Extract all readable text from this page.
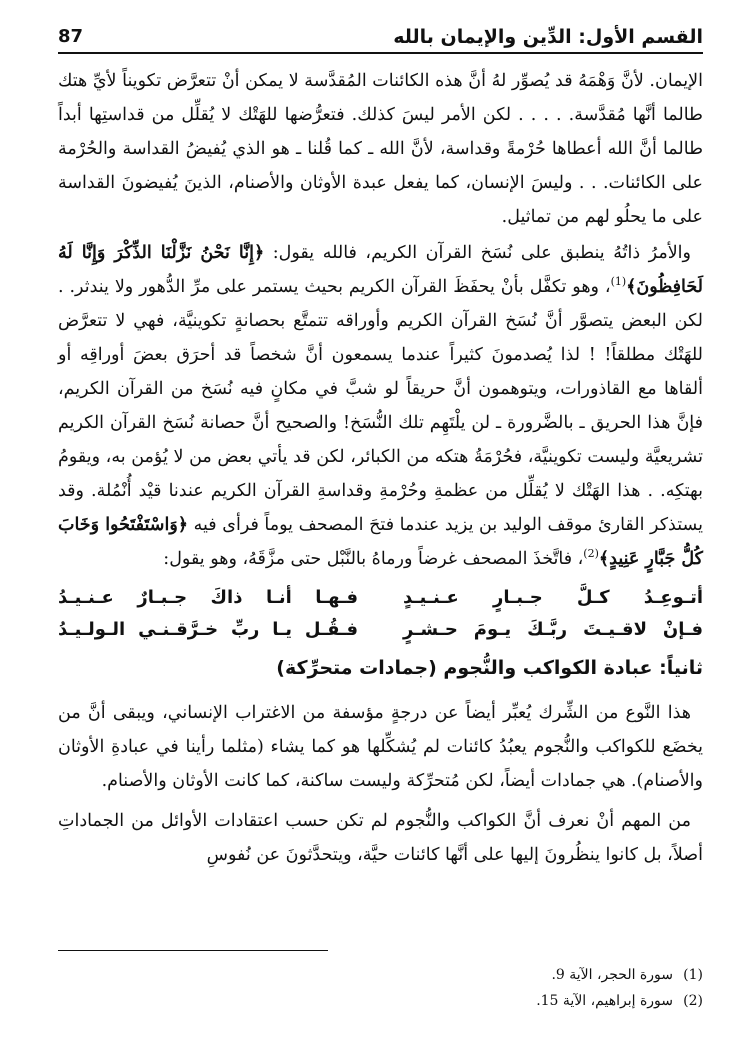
القسم الأول: الدِّين والإيمان بالله
87

الإيمان. لأنَّ وَهْمَهُ قد يُصوِّر لهُ أنَّ هذه الكائنات المُقدَّسة لا يمكن أنْ تتعرَّض تكويناً لأيِّ هتك طالما أنَّها مُقدَّسة. . . . . لكن الأمر ليسَ كذلك. فتعرُّضها للهَتْك لا يُقلِّل من قداستِها أبداً طالما أنَّ الله أعطاها حُرْمةً وقداسة، لأنَّ الله ـ كما قُلنا ـ هو الذي يُفيضُ القداسة والحُرْمة على الكائنات. . . وليسَ الإنسان، كما يفعل عبدة الأوثان والأصنام، الذينَ يُفيضونَ القداسة على ما يحلُو لهم من تماثيل.

والأمرُ ذاتُهُ ينطبق على نُسَخ القرآن الكريم، فالله يقول: ﴿إِنَّا نَحْنُ نَزَّلْنَا الذِّكْرَ وَإِنَّا لَهُ لَحَافِظُونَ﴾$^{(1)}$، وهو تكفَّل بأنْ يحفَظَ القرآن الكريم بحيث يستمر على مرِّ الدُّهور ولا يندثر. . لكن البعض يتصوَّر أنَّ نُسَخ القرآن الكريم وأوراقه تتمتَّع بحصانةٍ تكوينيَّة، فهي لا تتعرَّض للهَتْك مطلقاً! ! لذا يُصدمونَ كثيراً عندما يسمعون أنَّ شخصاً قد أحرَق بعضَ أوراقِه أو ألقاها مع القاذورات، ويتوهمون أنَّ حريقاً لو شبَّ في مكانٍ فيه نُسَخ من القرآن الكريم، فإنَّ هذا الحريق ـ بالضَّرورة ـ لن يلْتَهِم تلك النُّسَخ! والصحيح أنَّ حصانة نُسَخ القرآن الكريم تشريعيَّة وليست تكوينيَّة، فحُرْمَةُ هتكه من الكبائر، لكن قد يأتي بعض من لا يُؤمن به، ويقومُ بهتكِه. . هذا الهَتْك لا يُقلِّل من عظمةِ وحُرْمةِ وقداسةِ القرآن الكريم عندنا قيْد أُنْمُلة. وقد يستذكر القارئ موقف الوليد بن يزيد عندما فتحَ المصحف يوماً فرأى فيه ﴿وَاسْتَفْتَحُوا وَخَابَ كُلُّ جَبَّارٍ عَنِيدٍ﴾$^{(2)}$، فاتَّخذَ المصحف غرضاً ورماهُ بالنَّبْل حتى مزَّقَهُ، وهو يقول:

أتـوعِـدُ كـلَّ جـبـارٍ عـنـيـدٍ
فـهـا أنـا ذاكَ جـبـارٌ عـنـيـدُ
فـإنْ لاقـيـتَ ربَّـكَ يـومَ حـشـرٍ
فـقُـل يـا ربِّ خـرَّقـنـي الـولـيـدُ
ثانياً: عبادة الكواكب والنُّجوم (جمادات متحرِّكة)

هذا النَّوع من الشِّرك يُعبِّر أيضاً عن درجةٍ مؤسفة من الاغتراب الإنساني، ويبقى أنَّ من يخضَع للكواكب والنُّجوم يعبُدُ كائنات لم يُشكِّلها هو كما يشاء (مثلما رأينا في عبادةِ الأوثان والأصنام). هي جمادات أيضاً، لكن مُتحرِّكة وليست ساكنة، كما كانت الأوثان والأصنام.

من المهم أنْ نعرف أنَّ الكواكب والنُّجوم لم تكن حسب اعتقادات الأوائل من الجماداتِ أصلاً، بل كانوا ينظُرونَ إليها على أنَّها كائنات حيَّة، ويتحدَّثونَ عن نُفوسِ

(1)سورة الحجر، الآية 9.
(2)سورة إبراهيم، الآية 15.
